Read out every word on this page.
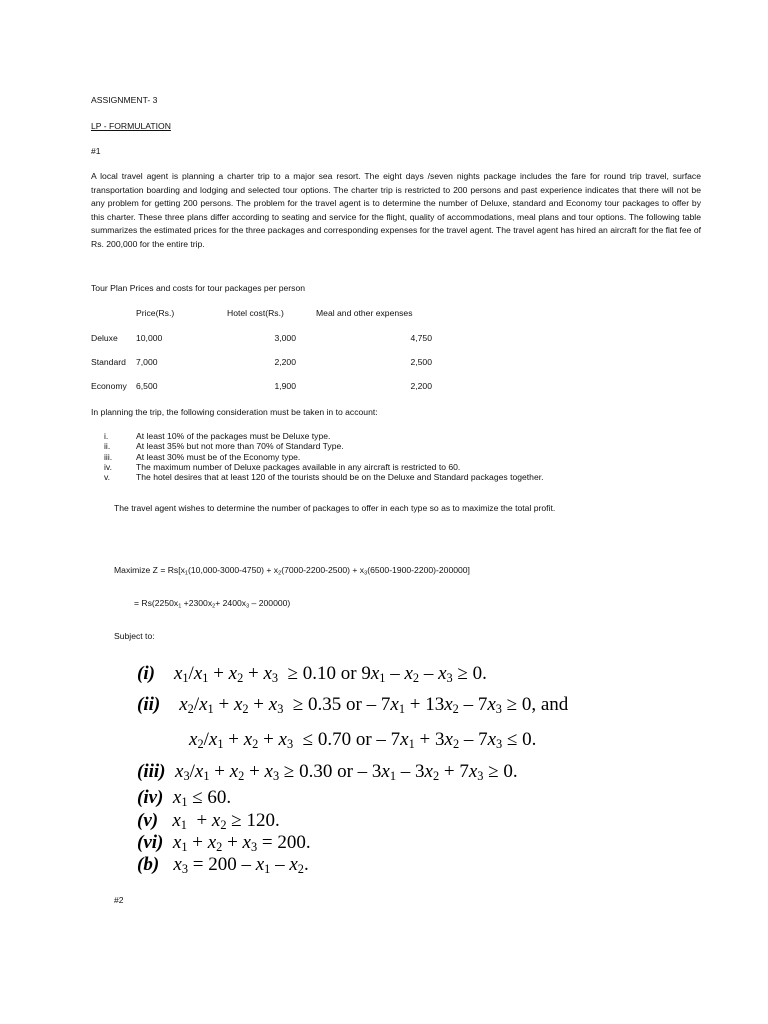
ASSIGNMENT- 3
LP - FORMULATION
#1
A local travel agent is planning a charter trip to a major sea resort. The eight days /seven nights package includes the fare for round trip travel, surface transportation boarding and lodging and selected tour options. The charter trip is restricted to 200 persons and past experience indicates that there will not be any problem for getting 200 persons. The problem for the travel agent is to determine the number of Deluxe, standard and Economy tour packages to offer by this charter. These three plans differ according to seating and service for the flight, quality of accommodations, meal plans and tour options. The following table summarizes the estimated prices for the three packages and corresponding expenses for the travel agent. The travel agent has hired an aircraft for the flat fee of Rs. 200,000 for the entire trip.
Tour Plan Prices and costs for tour packages per person
Price(Rs.)	Hotel cost(Rs.)	Meal and other expenses
Deluxe 10,000	3,000	4,750
Standard 7,000	2,200	2,500
Economy 6,500	1,900	2,200
In planning the trip, the following consideration must be taken in to account:
i.	At least 10% of the packages must be Deluxe type.
ii.	At least 35% but not more than 70% of Standard Type.
iii.	At least 30% must be of the Economy type.
iv.	The maximum number of Deluxe packages available in any aircraft is restricted to 60.
v.	The hotel desires that at least 120 of the tourists should be on the Deluxe and Standard packages together.
The travel agent wishes to determine the number of packages to offer in each type so as to maximize the total profit.
Maximize $Z = Rs[x_1(10,000-3000-4750) + x_2(7000-2200-2500) + x_3(6500-1900-2200)-200000]$
= $Rs(2250x_1 +2300x_2+ 2400x_3 - 200000)$
Subject to:
(i) $x_1/x_1 + x_2 + x_3 \ge 0.10$ or $9x_1 - x_2 - x_3 \ge 0$.
(ii) $x_2/x_1 + x_2 + x_3 \ge 0.35$ or – $7x_1 + 13x_2 - 7x_3 \ge 0$, and
$x_2/x_1 + x_2 + x_3 \le 0.70$ or – $7x_1 + 3x_2 - 7x_3 \le 0$.
(iii) $x_3/x_1 + x_2 + x_3 \ge 0.30$ or – $3x_1 - 3x_2 + 7x_3 \ge 0$.
(iv) $x_1 \le 60$.
(v) $x_1 + x_2 \ge 120$.
(vi) $x_1 + x_2 + x_3 = 200$.
(b) $x_3 = 200 - x_1 - x_2$.
#2
